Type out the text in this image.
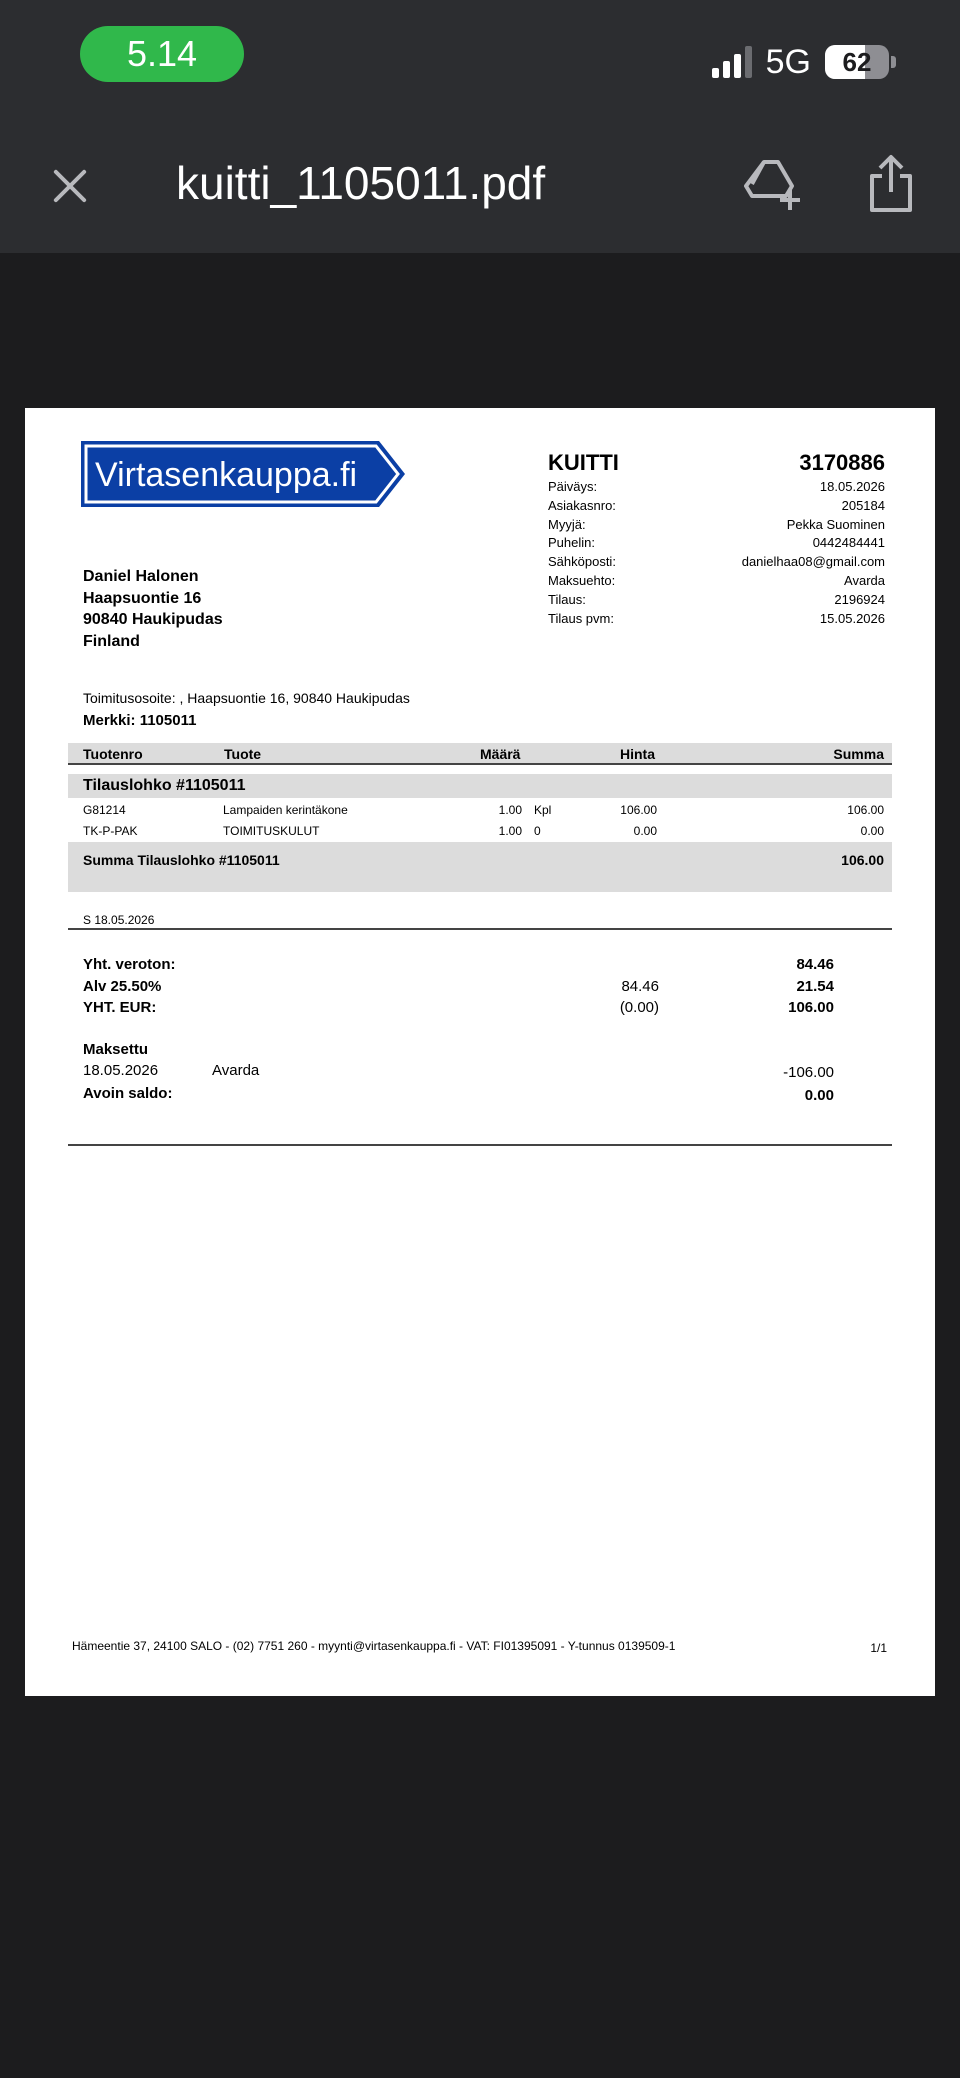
5.14	5G	62
kuitti_1105011.pdf
Virtasenkauppa.fi	KUITTI	3170886
Päiväys:	18.05.2026
Asiakasnro:	205184
Myyjä:	Pekka Suominen
Puhelin:	0442484441
Sähköposti:	danielhaa08@gmail.com
Maksuehto:	Avarda
Tilaus:	2196924
Tilaus pvm:	15.05.2026
Daniel Halonen
Haapsuontie 16
90840 Haukipudas
Finland
Toimitusosoite: , Haapsuontie 16, 90840 Haukipudas
Merkki: 1105011
Tuotenro	Tuote	Määrä	Hinta	Summa
Tilauslohko #1105011
G81214	Lampaiden kerintäkone	1.00 Kpl	106.00	106.00
TK-P-PAK	TOIMITUSKULUT	1.00 0	0.00	0.00
Summa Tilauslohko #1105011	106.00
S 18.05.2026
Yht. veroton:	84.46
Alv 25.50%	84.46	21.54
YHT. EUR:	(0.00)	106.00
Maksettu
18.05.2026	Avarda	-106.00
Avoin saldo:	0.00
Hämeentie 37, 24100 SALO - (02) 7751 260 - myynti@virtasenkauppa.fi - VAT: FI01395091 - Y-tunnus 0139509-1	1/1
